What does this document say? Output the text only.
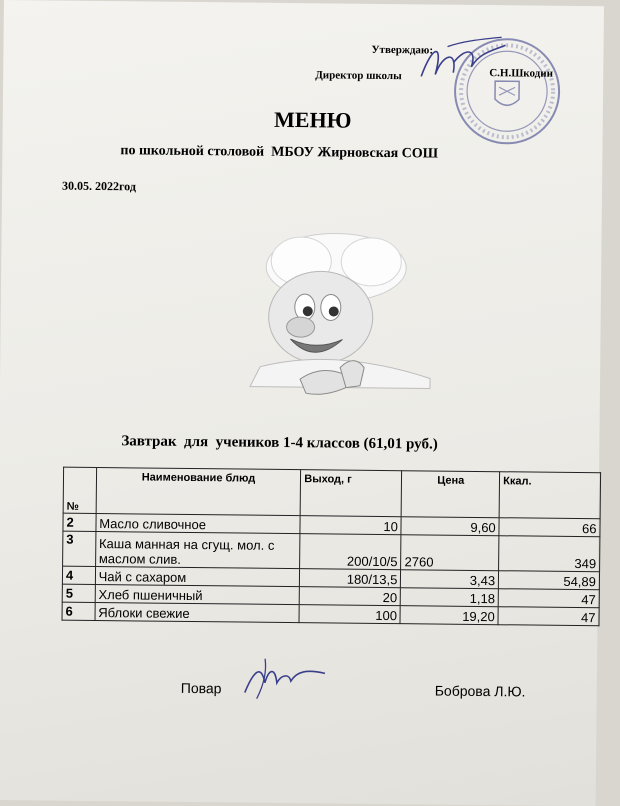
Утверждаю:
Директор школы	С.Н.Шкодин
МЕНЮ
по школьной столовой  МБОУ Жирновская СОШ
30.05. 2022год
Завтрак  для  учеников 1-4 классов (61,01 руб.)
№	Наименование блюд	Выход, г	Цена	Ккал.
2	Масло сливочное	10	9,60	66
3	Каша манная на сгущ. мол. с маслом слив.	200/10/5	2760	349
4	Чай с сахаром	180/13,5	3,43	54,89
5	Хлеб пшеничный	20	1,18	47
6	Яблоки свежие	100	19,20	47
Повар	Боброва Л.Ю.
